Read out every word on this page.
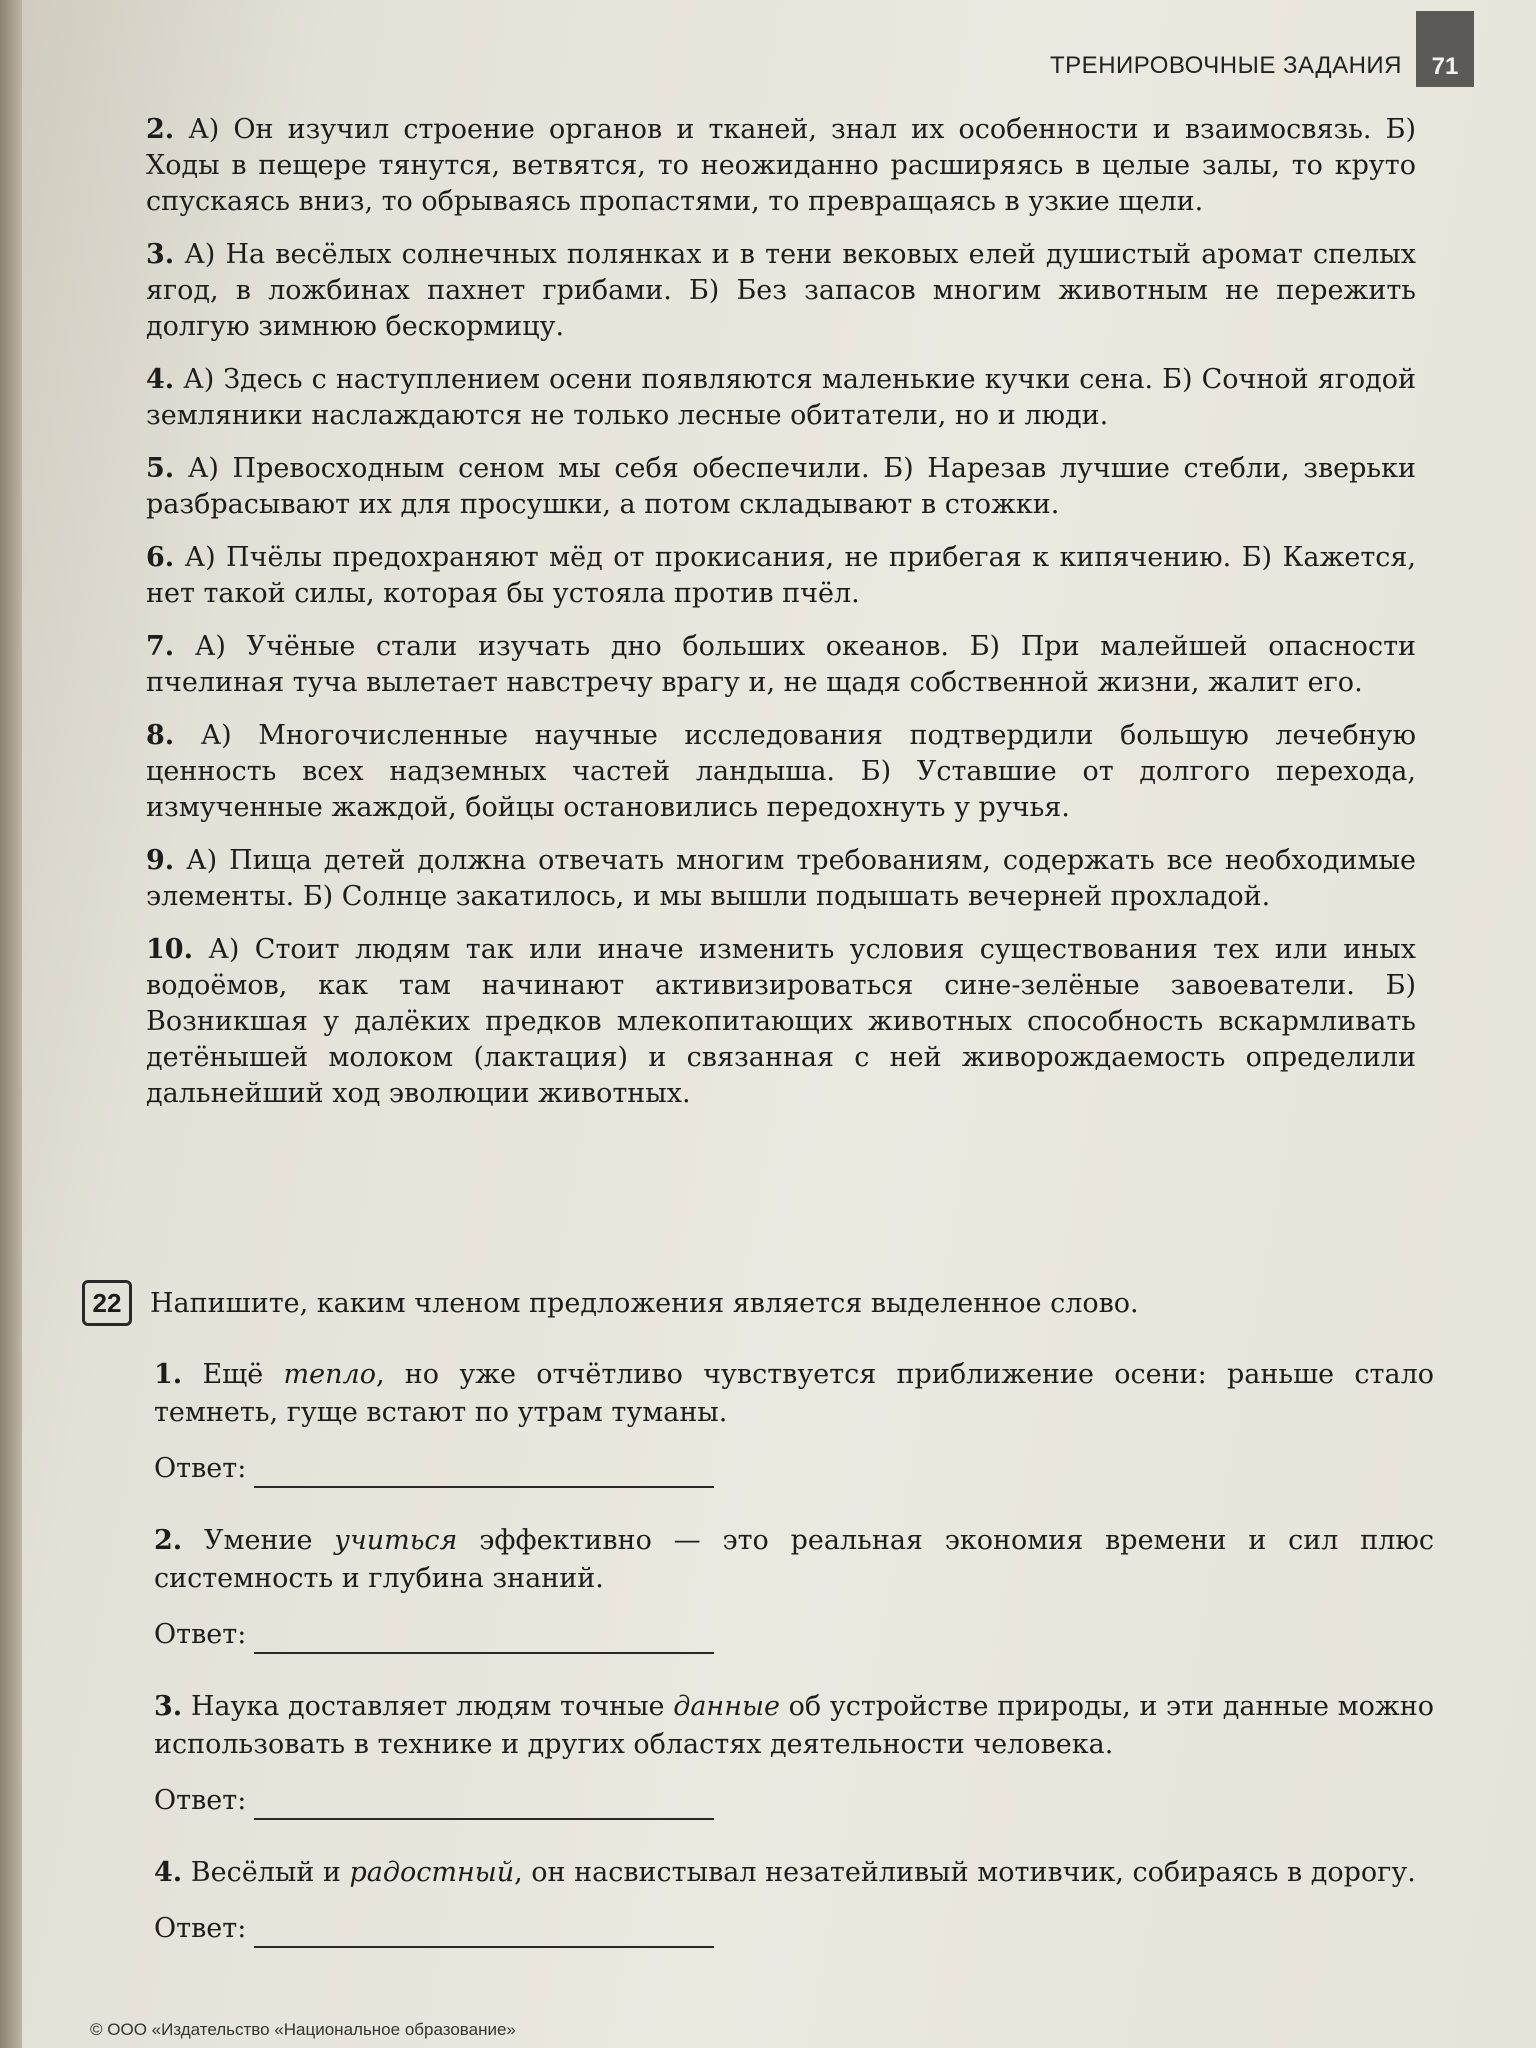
ТРЕНИРОВОЧНЫЕ ЗАДАНИЯ	71

2. А) Он изучил строение органов и тканей, знал их особенности и взаимосвязь. Б) Ходы в пещере тянутся, ветвятся, то неожиданно расширяясь в целые залы, то круто спускаясь вниз, то обрываясь пропастями, то превращаясь в узкие щели.

3. А) На весёлых солнечных полянках и в тени вековых елей душистый аромат спелых ягод, в ложбинах пахнет грибами. Б) Без запасов многим животным не пережить долгую зимнюю бескормицу.

4. А) Здесь с наступлением осени появляются маленькие кучки сена. Б) Сочной ягодой земляники наслаждаются не только лесные обитатели, но и люди.

5. А) Превосходным сеном мы себя обеспечили. Б) Нарезав лучшие стебли, зверьки разбрасывают их для просушки, а потом складывают в стожки.

6. А) Пчёлы предохраняют мёд от прокисания, не прибегая к кипячению. Б) Кажется, нет такой силы, которая бы устояла против пчёл.

7. А) Учёные стали изучать дно больших океанов. Б) При малейшей опасности пчелиная туча вылетает навстречу врагу и, не щадя собственной жизни, жалит его.

8. А) Многочисленные научные исследования подтвердили большую лечебную ценность всех надземных частей ландыша. Б) Уставшие от долгого перехода, измученные жаждой, бойцы остановились передохнуть у ручья.

9. А) Пища детей должна отвечать многим требованиям, содержать все необходимые элементы. Б) Солнце закатилось, и мы вышли подышать вечерней прохладой.

10. А) Стоит людям так или иначе изменить условия существования тех или иных водоёмов, как там начинают активизироваться сине-зелёные завоеватели. Б) Возникшая у далёких предков млекопитающих животных способность вскармливать детёнышей молоком (лактация) и связанная с ней живорождаемость определили дальнейший ход эволюции животных.

22	Напишите, каким членом предложения является выделенное слово.
1. Ещё тепло, но уже отчётливо чувствуется приближение осени: раньше стало темнеть, гуще встают по утрам туманы.
Ответ:
2. Умение учиться эффективно — это реальная экономия времени и сил плюс системность и глубина знаний.
Ответ:
3. Наука доставляет людям точные данные об устройстве природы, и эти данные можно использовать в технике и других областях деятельности человека.
Ответ:
4. Весёлый и радостный, он насвистывал незатейливый мотивчик, собираясь в дорогу.
Ответ:
© ООО «Издательство «Национальное образование»
